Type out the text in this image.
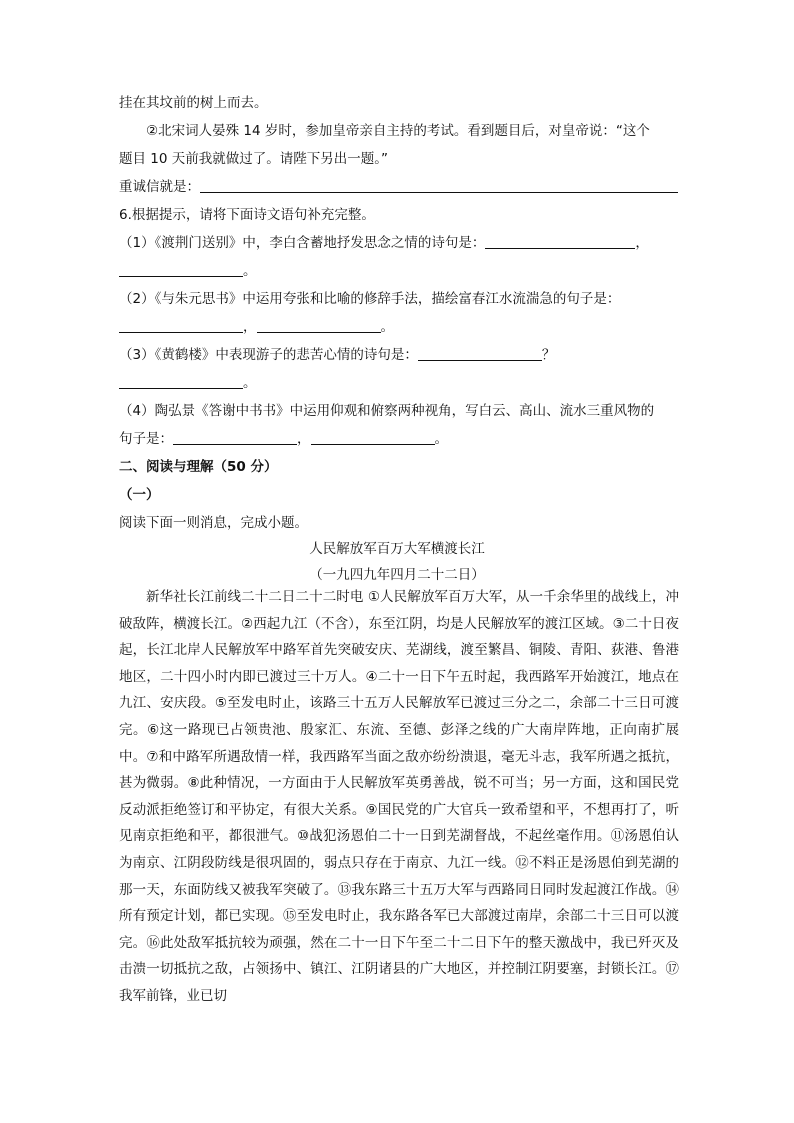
挂在其坟前的树上而去。
②北宋词人晏殊 14 岁时，参加皇帝亲自主持的考试。看到题目后，对皇帝说：“这个
题目 10 天前我就做过了。请陛下另出一题。”
重诚信就是：
6.根据提示，请将下面诗文语句补充完整。
（1）《渡荆门送别》中，李白含蓄地抒发思念之情的诗句是：	，
。
（2）《与朱元思书》中运用夸张和比喻的修辞手法，描绘富春江水流湍急的句子是：
，	。
（3）《黄鹤楼》中表现游子的悲苦心情的诗句是：	？
。
（4）陶弘景《答谢中书书》中运用仰观和俯察两种视角，写白云、高山、流水三重风物的
句子是：	，	。
二、阅读与理解（50 分）
（一）
阅读下面一则消息，完成小题。
人民解放军百万大军横渡长江
（一九四九年四月二十二日）
新华社长江前线二十二日二十二时电 ①人民解放军百万大军，从一千余华里的战线上，冲破敌阵，横渡长江。②西起九江（不含），东至江阴，均是人民解放军的渡江区域。③二十日夜起，长江北岸人民解放军中路军首先突破安庆、芜湖线，渡至繁昌、铜陵、青阳、荻港、鲁港地区，二十四小时内即已渡过三十万人。④二十一日下午五时起，我西路军开始渡江，地点在九江、安庆段。⑤至发电时止，该路三十五万人民解放军已渡过三分之二，余部二十三日可渡完。⑥这一路现已占领贵池、殷家汇、东流、至德、彭泽之线的广大南岸阵地，正向南扩展中。⑦和中路军所遇敌情一样，我西路军当面之敌亦纷纷溃退，毫无斗志，我军所遇之抵抗，甚为微弱。⑧此种情况，一方面由于人民解放军英勇善战，锐不可当；另一方面，这和国民党反动派拒绝签订和平协定，有很大关系。⑨国民党的广大官兵一致希望和平，不想再打了，听见南京拒绝和平，都很泄气。⑩战犯汤恩伯二十一日到芜湖督战，不起丝毫作用。⑪汤恩伯认为南京、江阴段防线是很巩固的，弱点只存在于南京、九江一线。⑫不料正是汤恩伯到芜湖的那一天，东面防线又被我军突破了。⑬我东路三十五万大军与西路同日同时发起渡江作战。⑭所有预定计划，都已实现。⑮至发电时止，我东路各军已大部渡过南岸，余部二十三日可以渡完。⑯此处敌军抵抗较为顽强，然在二十一日下午至二十二日下午的整天激战中，我已歼灭及击溃一切抵抗之敌，占领扬中、镇江、江阴诸县的广大地区，并控制江阴要塞，封锁长江。⑰我军前锋，业已切
